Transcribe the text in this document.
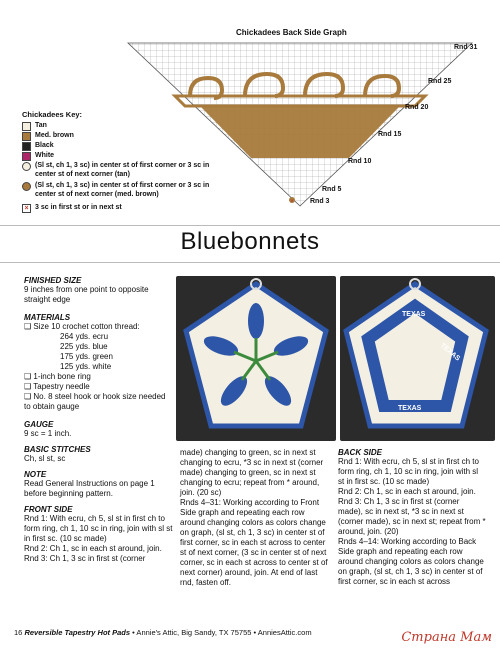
Chickadees Back Side Graph
×
Rnd 31
Rnd 25
Rnd 20
Rnd 15
Rnd 10
Rnd 5
Rnd 3
Chickadees Key:
Tan
Med. brown
Black
White
(Sl st, ch 1, 3 sc) in center st of first corner or 3 sc in center st of next corner (tan)
(Sl st, ch 1, 3 sc) in center st of first corner or 3 sc in center st of next corner (med. brown)
× 3 sc in first st or in next st
Bluebonnets
FINISHED SIZE
9 inches from one point to opposite straight edge
MATERIALS
❑ Size 10 crochet cotton thread:
264 yds. ecru
225 yds. blue
175 yds. green
125 yds. white
❑ 1-inch bone ring
❑ Tapestry needle
❑ No. 8 steel hook or hook size needed to obtain gauge
GAUGE
9 sc = 1 inch.
BASIC STITCHES
Ch, sl st, sc
NOTE
Read General Instructions on page 1 before beginning pattern.
FRONT SIDE
Rnd 1: With ecru, ch 5, sl st in first ch to form ring, ch 1, 10 sc in ring, join with sl st in first sc. (10 sc made)
Rnd 2: Ch 1, sc in each st around, join.
Rnd 3: Ch 1, 3 sc in first st (corner
TEXAS
TEXAS
TEXAS
made) changing to green, sc in next st changing to ecru, *3 sc in next st (corner made) changing to green, sc in next st changing to ecru; repeat from * around, join. (20 sc)
Rnds 4–31: Working according to Front Side graph and repeating each row around changing colors as colors change on graph, (sl st, ch 1, 3 sc) in center st of first corner, sc in each st across to center st of next corner, (3 sc in center st of next corner, sc in each st across to center st of next corner) around, join. At end of last rnd, fasten off.
BACK SIDE
Rnd 1: With ecru, ch 5, sl st in first ch to form ring, ch 1, 10 sc in ring, join with sl st in first sc. (10 sc made)
Rnd 2: Ch 1, sc in each st around, join.
Rnd 3: Ch 1, 3 sc in first st (corner made), sc in next st, *3 sc in next st (corner made), sc in next st; repeat from * around, join. (20)
Rnds 4–14: Working according to Back Side graph and repeating each row around changing colors as colors change on graph, (sl st, ch 1, 3 sc) in center st of first corner, sc in each st across
16 Reversible Tapestry Hot Pads • Annie's Attic, Big Sandy, TX 75755 • AnniesAttic.com	Страна Мам
